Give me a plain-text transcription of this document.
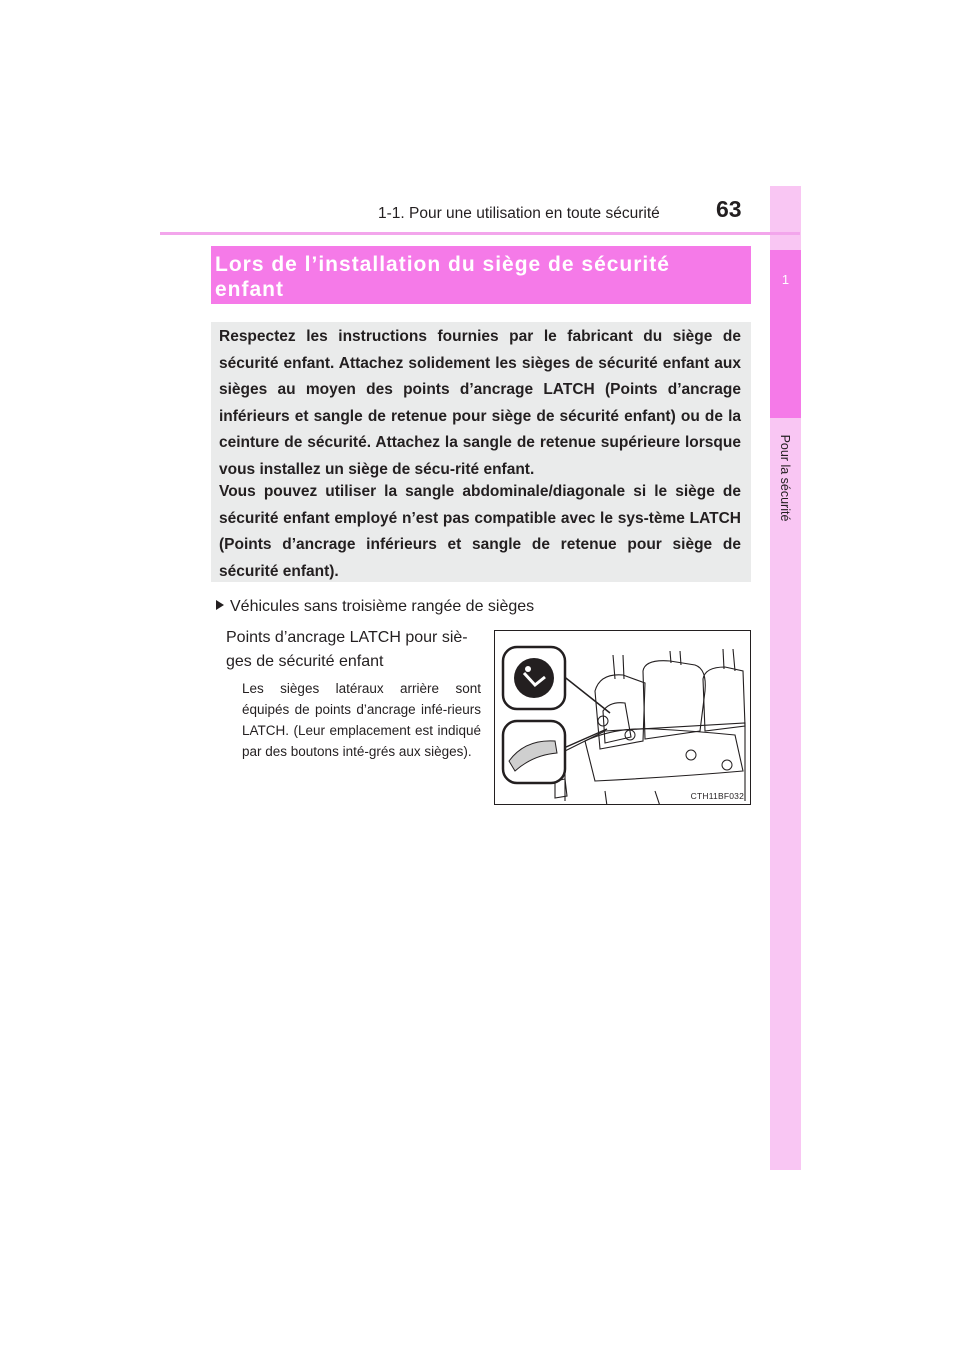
1
Pour la sécurité
1-1. Pour une utilisation en toute sécurité 63
Lors de l’installation du siège de sécurité
enfant

Respectez les instructions fournies par le fabricant du siège de sécurité enfant. Attachez solidement les sièges de sécurité enfant aux sièges au moyen des points d’ancrage LATCH (Points d’ancrage inférieurs et sangle de retenue pour siège de sécurité enfant) ou de la ceinture de sécurité. Attachez la sangle de retenue supérieure lorsque vous installez un siège de sécu-rité enfant.

Vous pouvez utiliser la sangle abdominale/diagonale si le siège de sécurité enfant employé n’est pas compatible avec le sys-tème LATCH (Points d’ancrage inférieurs et sangle de retenue pour siège de sécurité enfant).

Véhicules sans troisième rangée de sièges
Points d’ancrage LATCH pour siè-ges de sécurité enfant
Les sièges latéraux arrière sont équipés de points d’ancrage infé-rieurs LATCH. (Leur emplacement est indiqué par des boutons inté-grés aux sièges).
CTH11BF032
